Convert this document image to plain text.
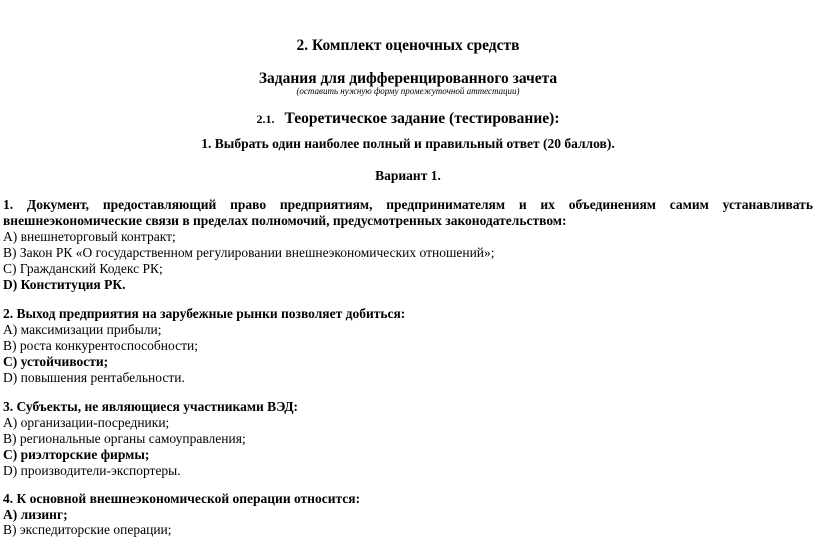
2. Комплект оценочных средств
Задания для дифференцированного зачета
(оставить нужную форму промежуточной аттестации)
2.1. Теоретическое задание (тестирование):
1. Выбрать один наиболее полный и правильный ответ (20 баллов).
Вариант 1.
1. Документ, предоставляющий право предприятиям, предпринимателям и их объединениям самим устанавливать
внешнеэкономические связи в пределах полномочий, предусмотренных законодательством:
А) внешнеторговый контракт;
В) Закон РК «О государственном регулировании внешнеэкономических отношений»;
С) Гражданский Кодекс РК;
D) Конституция РК.
2. Выход предприятия на зарубежные рынки позволяет добиться:
А) максимизации прибыли;
В) роста конкурентоспособности;
С) устойчивости;
D) повышения рентабельности.
3. Субъекты, не являющиеся участниками ВЭД:
А) организации-посредники;
В) региональные органы самоуправления;
С) риэлторские фирмы;
D) производители-экспортеры.
4. К основной внешнеэкономической операции относится:
А) лизинг;
В) экспедиторские операции;
